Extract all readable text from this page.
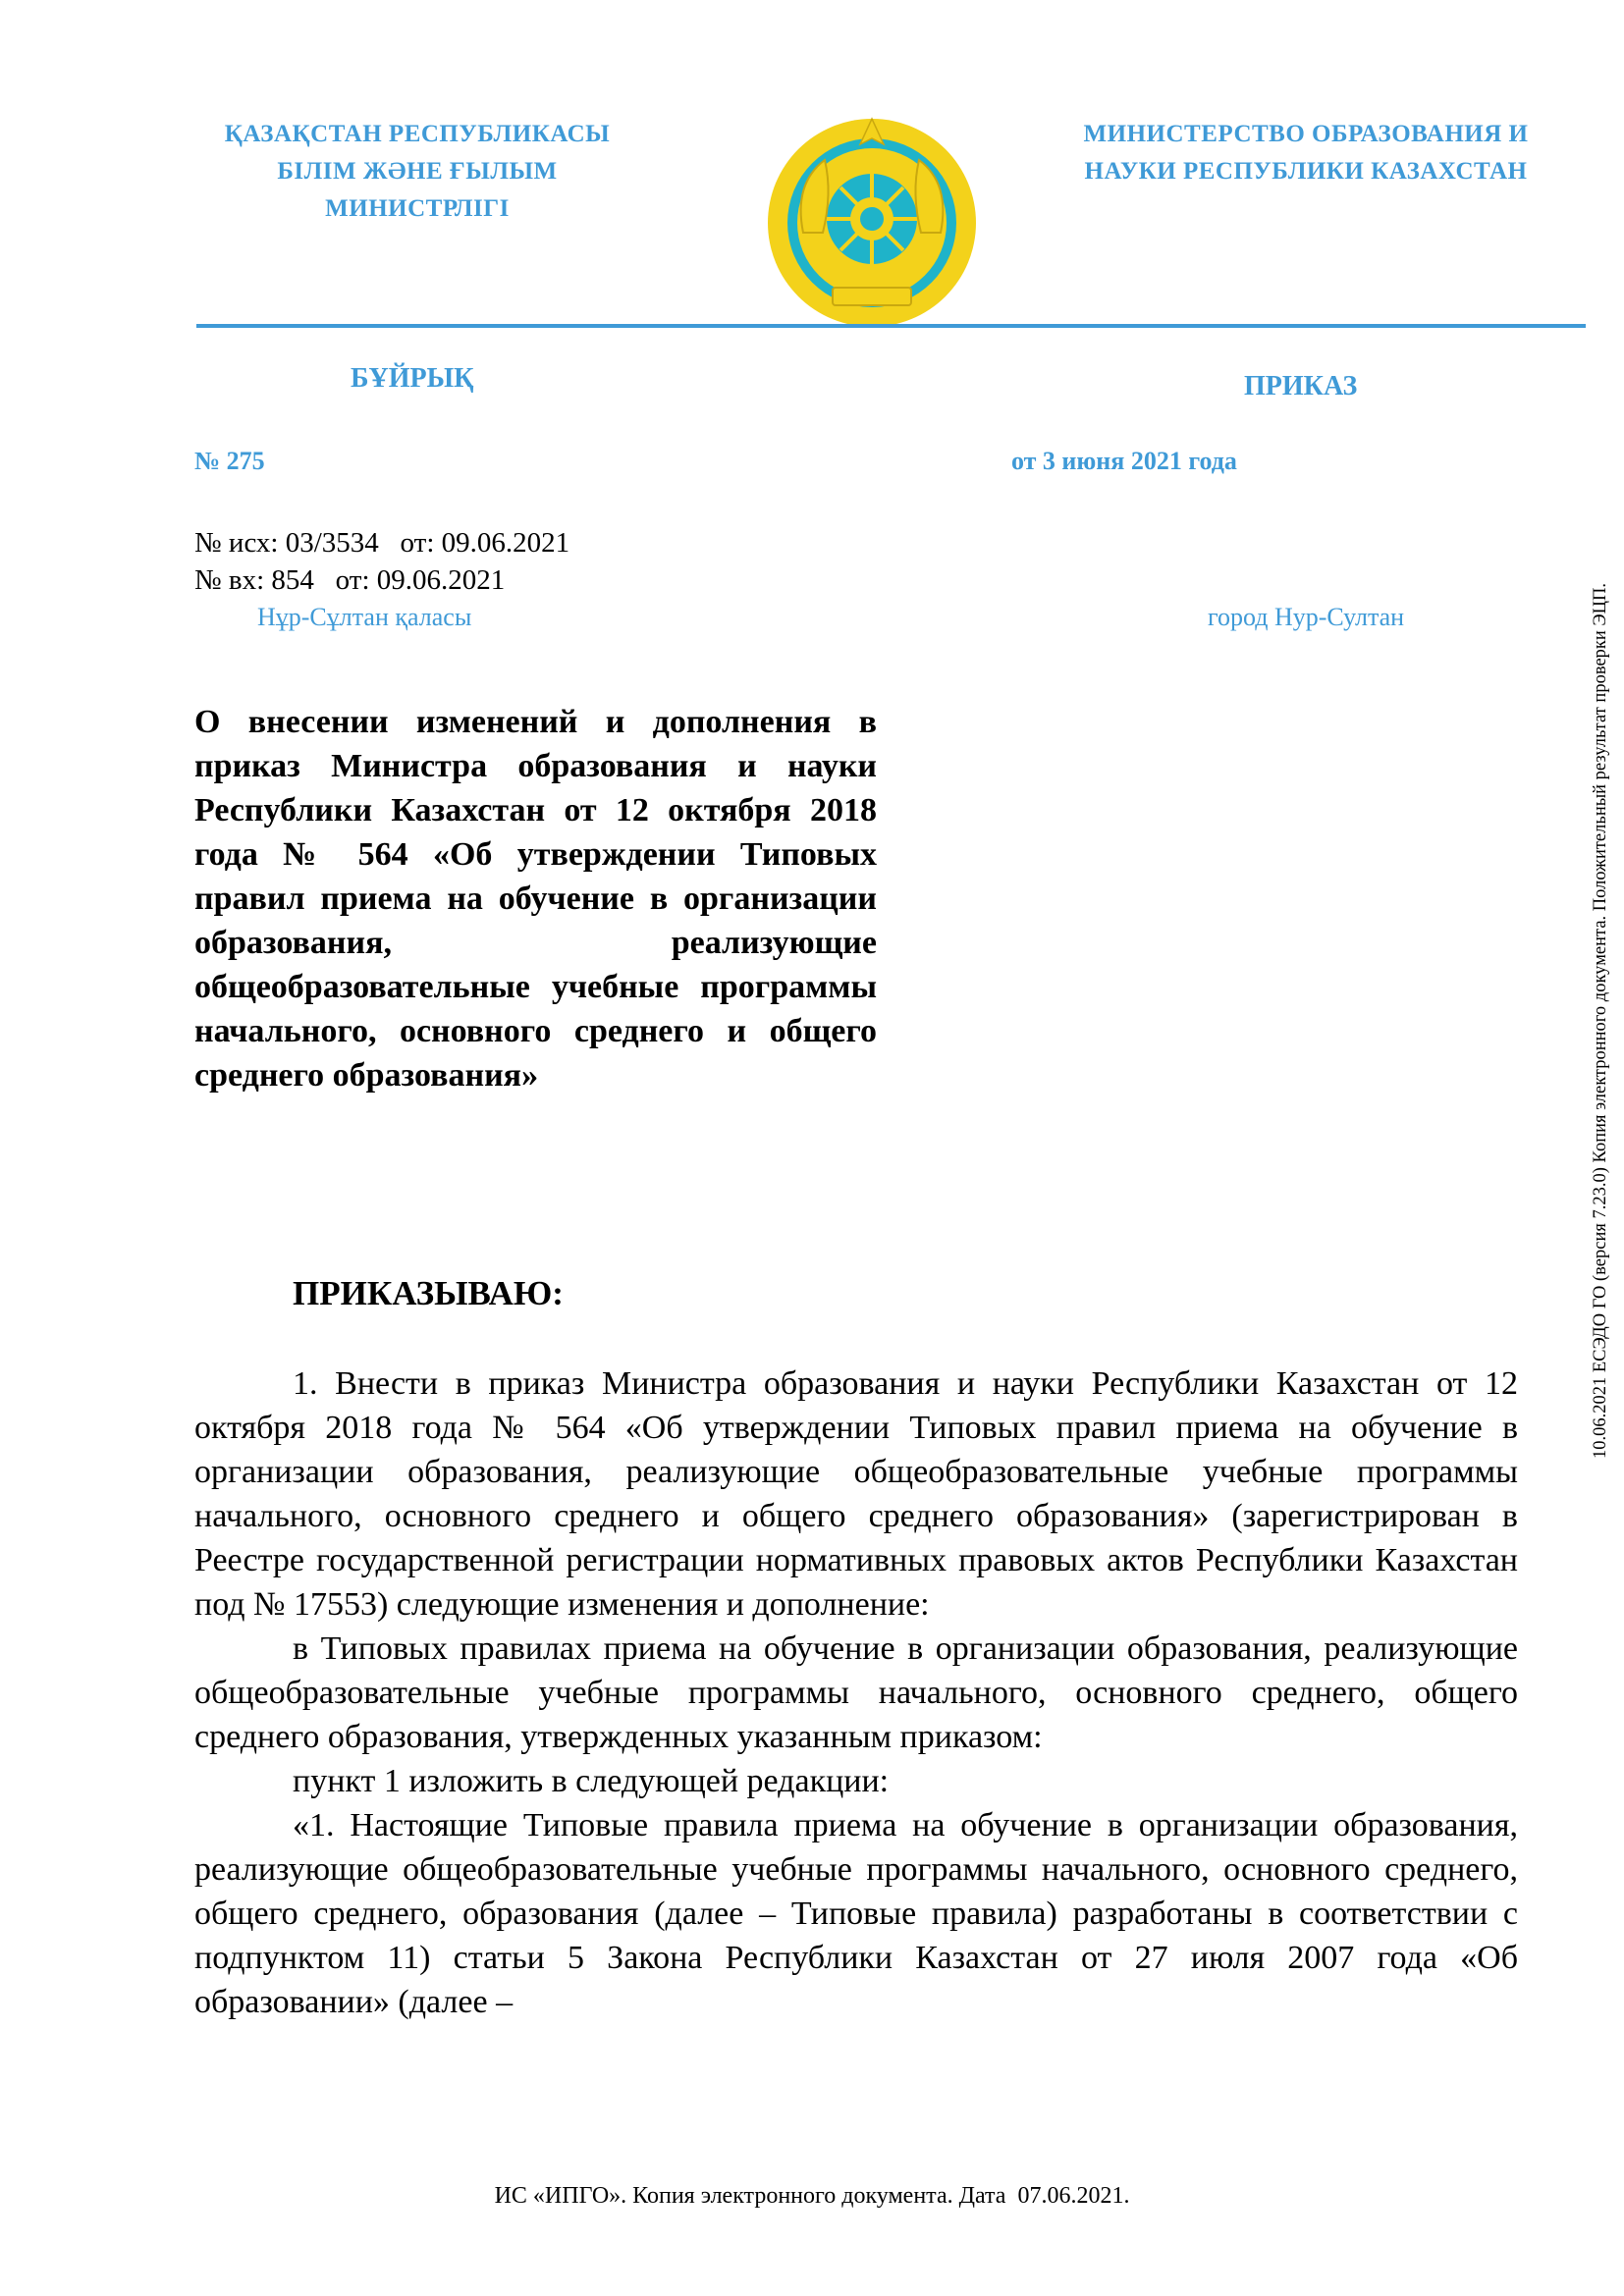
ҚАЗАҚСТАН РЕСПУБЛИКАСЫ
БІЛІМ ЖӘНЕ ҒЫЛЫМ
МИНИСТРЛІГІ
МИНИСТЕРСТВО ОБРАЗОВАНИЯ И
НАУКИ РЕСПУБЛИКИ КАЗАХСТАН
БҰЙРЫҚ	ПРИКАЗ
№ 275	от 3 июня 2021 года
№ исх: 03/3534   от: 09.06.2021
№ вх: 854   от: 09.06.2021
Нұр-Сұлтан қаласы	город Нур-Султан
О внесении изменений и дополнения в приказ Министра образования и науки Республики Казахстан от 12 октября 2018 года № 564 «Об утверждении Типовых правил приема на обучение в организации образования, реализующие общеобразовательные учебные программы начального, основного среднего и общего среднего образования»
ПРИКАЗЫВАЮ:

1. Внести в приказ Министра образования и науки Республики Казахстан от 12 октября 2018 года № 564 «Об утверждении Типовых правил приема на обучение в организации образования, реализующие общеобразовательные учебные программы начального, основного среднего и общего среднего образования» (зарегистрирован в Реестре государственной регистрации нормативных правовых актов Республики Казахстан под № 17553) следующие изменения и дополнение:

в Типовых правилах приема на обучение в организации образования, реализующие общеобразовательные учебные программы начального, основного среднего, общего среднего образования, утвержденных указанным приказом:

пункт 1 изложить в следующей редакции:

«1. Настоящие Типовые правила приема на обучение в организации образования, реализующие общеобразовательные учебные программы начального, основного среднего, общего среднего, образования (далее – Типовые правила) разработаны в соответствии с подпунктом 11) статьи 5 Закона Республики Казахстан от 27 июля 2007 года «Об образовании» (далее –

10.06.2021 ЕСЭДО ГО (версия 7.23.0) Копия электронного документа. Положительный результат проверки ЭЦП.
ИС «ИПГО». Копия электронного документа. Дата  07.06.2021.
